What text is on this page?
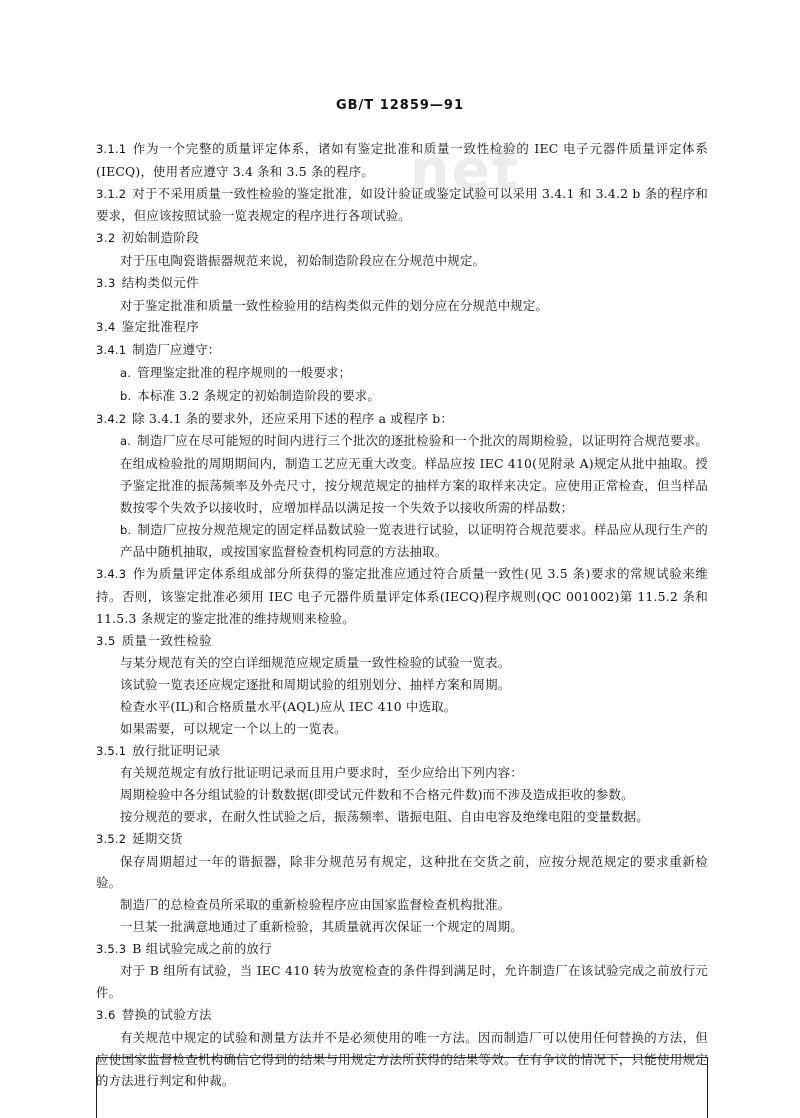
GB/T 12859—91
net
3.1.1 作为一个完整的质量评定体系，诸如有鉴定批准和质量一致性检验的 IEC 电子元器件质量评定体系(IECQ)，使用者应遵守 3.4 条和 3.5 条的程序。
3.1.2 对于不采用质量一致性检验的鉴定批准，如设计验证或鉴定试验可以采用 3.4.1 和 3.4.2 b 条的程序和要求，但应该按照试验一览表规定的程序进行各项试验。
3.2 初始制造阶段
对于压电陶瓷谐振器规范来说，初始制造阶段应在分规范中规定。
3.3 结构类似元件
对于鉴定批准和质量一致性检验用的结构类似元件的划分应在分规范中规定。
3.4 鉴定批准程序
3.4.1 制造厂应遵守：
a. 管理鉴定批准的程序规则的一般要求；
b. 本标准 3.2 条规定的初始制造阶段的要求。
3.4.2 除 3.4.1 条的要求外，还应采用下述的程序 a 或程序 b：
a. 制造厂应在尽可能短的时间内进行三个批次的逐批检验和一个批次的周期检验，以证明符合规范要求。在组成检验批的周期期间内，制造工艺应无重大改变。样品应按 IEC 410(见附录 A)规定从批中抽取。授予鉴定批准的振荡频率及外壳尺寸，按分规范规定的抽样方案的取样来决定。应使用正常检查，但当样品数按零个失效予以接收时，应增加样品以满足按一个失效予以接收所需的样品数；
b. 制造厂应按分规范规定的固定样品数试验一览表进行试验，以证明符合规范要求。样品应从现行生产的产品中随机抽取，或按国家监督检查机构同意的方法抽取。
3.4.3 作为质量评定体系组成部分所获得的鉴定批准应通过符合质量一致性(见 3.5 条)要求的常规试验来维持。否则，该鉴定批准必须用 IEC 电子元器件质量评定体系(IECQ)程序规则(QC 001002)第 11.5.2 条和 11.5.3 条规定的鉴定批准的维持规则来检验。
3.5 质量一致性检验
与某分规范有关的空白详细规范应规定质量一致性检验的试验一览表。
该试验一览表还应规定逐批和周期试验的组别划分、抽样方案和周期。
检查水平(IL)和合格质量水平(AQL)应从 IEC 410 中选取。
如果需要，可以规定一个以上的一览表。
3.5.1 放行批证明记录
有关规范规定有放行批证明记录而且用户要求时，至少应给出下列内容：
周期检验中各分组试验的计数数据(即受试元件数和不合格元件数)而不涉及造成拒收的参数。
按分规范的要求，在耐久性试验之后，振荡频率、谐振电阻、自由电容及绝缘电阻的变量数据。
3.5.2 延期交货
保存周期超过一年的谐振器，除非分规范另有规定，这种批在交货之前，应按分规范规定的要求重新检验。
制造厂的总检查员所采取的重新检验程序应由国家监督检查机构批准。
一旦某一批满意地通过了重新检验，其质量就再次保证一个规定的周期。
3.5.3 B 组试验完成之前的放行
对于 B 组所有试验，当 IEC 410 转为放宽检查的条件得到满足时，允许制造厂在该试验完成之前放行元件。
3.6 替换的试验方法
有关规范中规定的试验和测量方法并不是必须使用的唯一方法。因而制造厂可以使用任何替换的方法，但应使国家监督检查机构确信它得到的结果与用规定方法所获得的结果等效。在有争议的情况下，只能使用规定的方法进行判定和仲裁。
